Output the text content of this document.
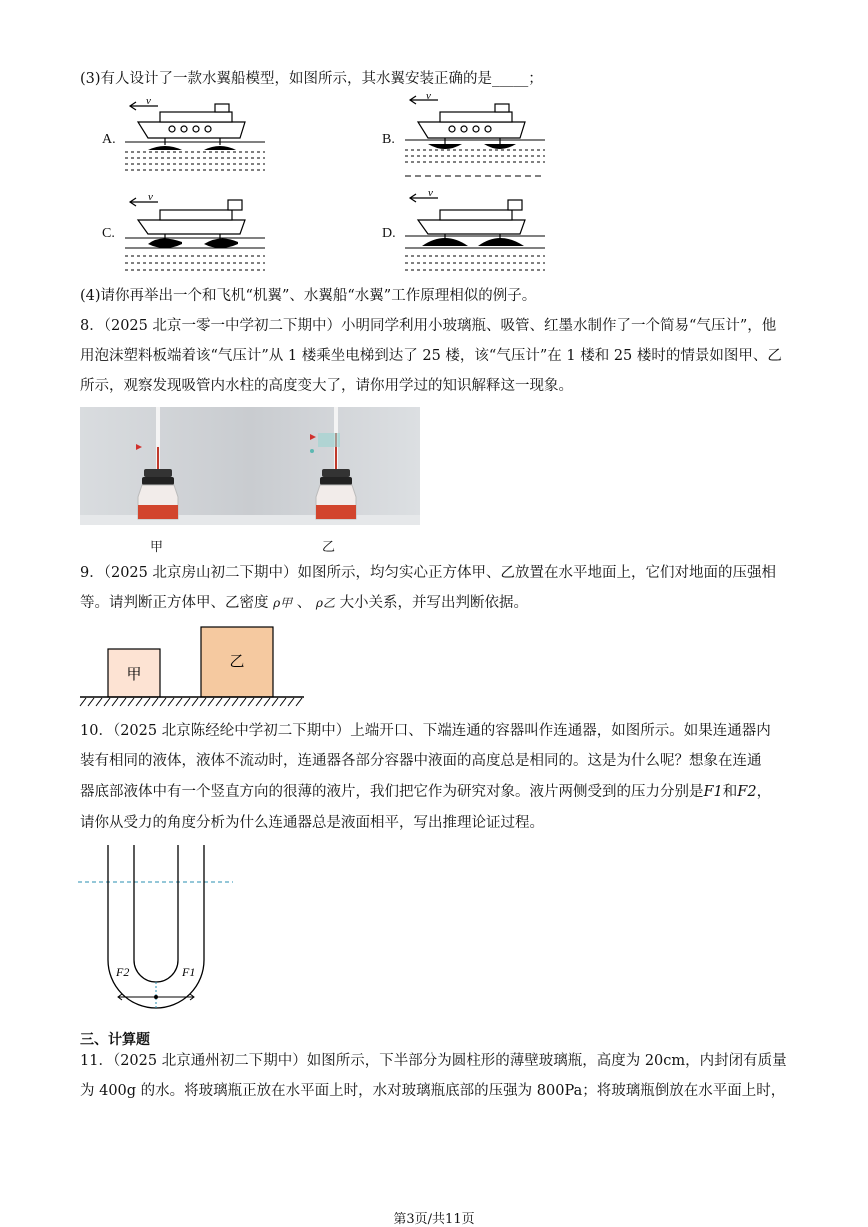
(3)有人设计了一款水翼船模型，如图所示，其水翼安装正确的是_____；
A.	B.
C.	D.
v	v
v	v
(4)请你再举出一个和飞机“机翼”、水翼船“水翼”工作原理相似的例子。
8．（2025 北京一零一中学初二下期中）小明同学利用小玻璃瓶、吸管、红墨水制作了一个简易“气压计”，他
用泡沫塑料板端着该“气压计”从 1 楼乘坐电梯到达了 25 楼，该“气压计”在 1 楼和 25 楼时的情景如图甲、乙
所示，观察发现吸管内水柱的高度变大了，请你用学过的知识解释这一现象。
甲	乙
9．（2025 北京房山初二下期中）如图所示，均匀实心正方体甲、乙放置在水平地面上，它们对地面的压强相
等。请判断正方体甲、乙密度 ρ甲 、 ρ乙 大小关系，并写出判断依据。
甲
乙
10．（2025 北京陈经纶中学初二下期中）上端开口、下端连通的容器叫作连通器，如图所示。如果连通器内
装有相同的液体，液体不流动时，连通器各部分容器中液面的高度总是相同的。这是为什么呢？想象在连通
器底部液体中有一个竖直方向的很薄的液片，我们把它作为研究对象。液片两侧受到的压力分别是F1和F2，
请你从受力的角度分析为什么连通器总是液面相平，写出推理论证过程。
F2	F1
三、计算题
11．（2025 北京通州初二下期中）如图所示，下半部分为圆柱形的薄壁玻璃瓶，高度为 20cm，内封闭有质量
为 400g 的水。将玻璃瓶正放在水平面上时，水对玻璃瓶底部的压强为 800Pa；将玻璃瓶倒放在水平面上时，
第3页/共11页
